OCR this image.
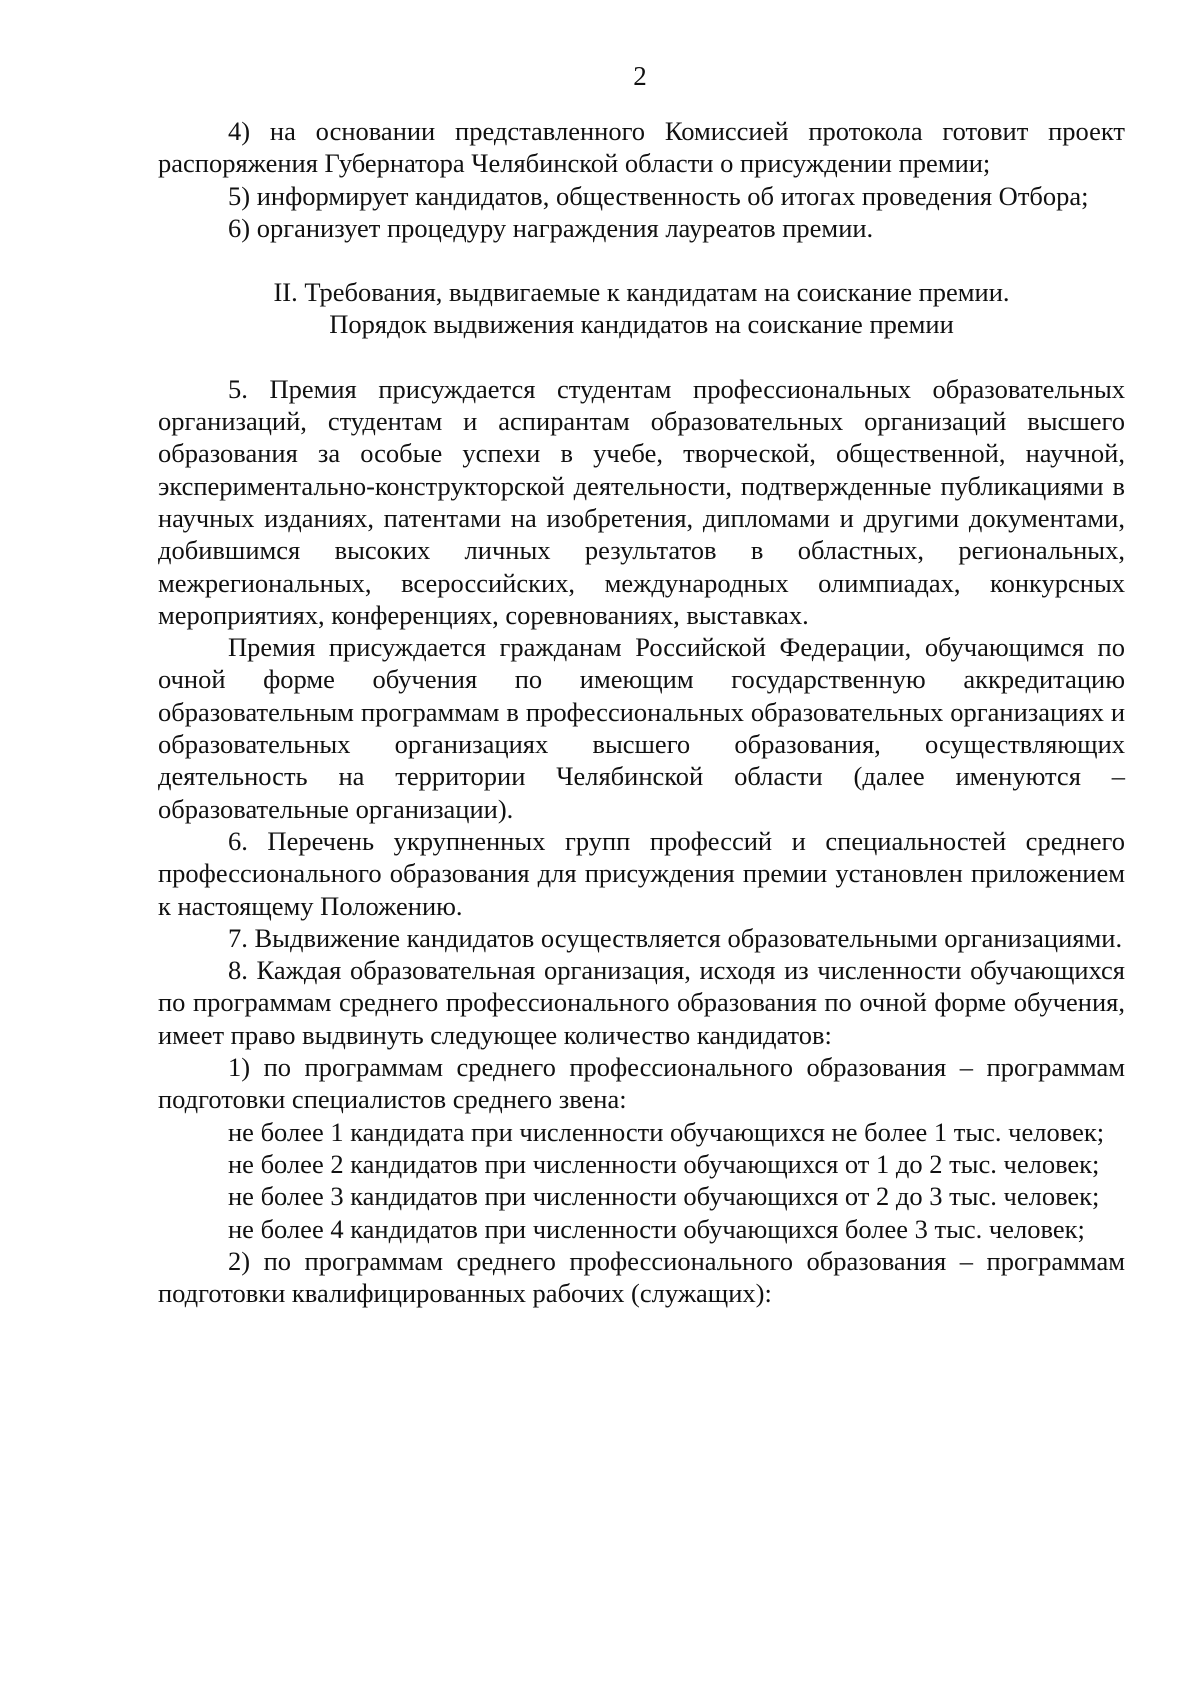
2

4) на основании представленного Комиссией протокола готовит проект распоряжения Губернатора Челябинской области о присуждении премии;

5) информирует кандидатов, общественность об итогах проведения Отбора;

6) организует процедуру награждения лауреатов премии.

II. Требования, выдвигаемые к кандидатам на соискание премии.
Порядок выдвижения кандидатов на соискание премии

5. Премия присуждается студентам профессиональных образовательных организаций, студентам и аспирантам образовательных организаций высшего образования за особые успехи в учебе, творческой, общественной, научной, экспериментально-конструкторской деятельности, подтвержденные публикациями в научных изданиях, патентами на изобретения, дипломами и другими документами, добившимся высоких личных результатов в областных, региональных, межрегиональных, всероссийских, международных олимпиадах, конкурсных мероприятиях, конференциях, соревнованиях, выставках.

Премия присуждается гражданам Российской Федерации, обучающимся по очной форме обучения по имеющим государственную аккредитацию образовательным программам в профессиональных образовательных организациях и образовательных организациях высшего образования, осуществляющих деятельность на территории Челябинской области (далее именуются – образовательные организации).

6. Перечень укрупненных групп профессий и специальностей среднего профессионального образования для присуждения премии установлен приложением к настоящему Положению.

7. Выдвижение кандидатов осуществляется образовательными организациями.

8. Каждая образовательная организация, исходя из численности обучающихся по программам среднего профессионального образования по очной форме обучения, имеет право выдвинуть следующее количество кандидатов:

1) по программам среднего профессионального образования – программам подготовки специалистов среднего звена:

не более 1 кандидата при численности обучающихся не более 1 тыс. человек;

не более 2 кандидатов при численности обучающихся от 1 до 2 тыс. человек;

не более 3 кандидатов при численности обучающихся от 2 до 3 тыс. человек;

не более 4 кандидатов при численности обучающихся более 3 тыс. человек;

2) по программам среднего профессионального образования – программам подготовки квалифицированных рабочих (служащих):
